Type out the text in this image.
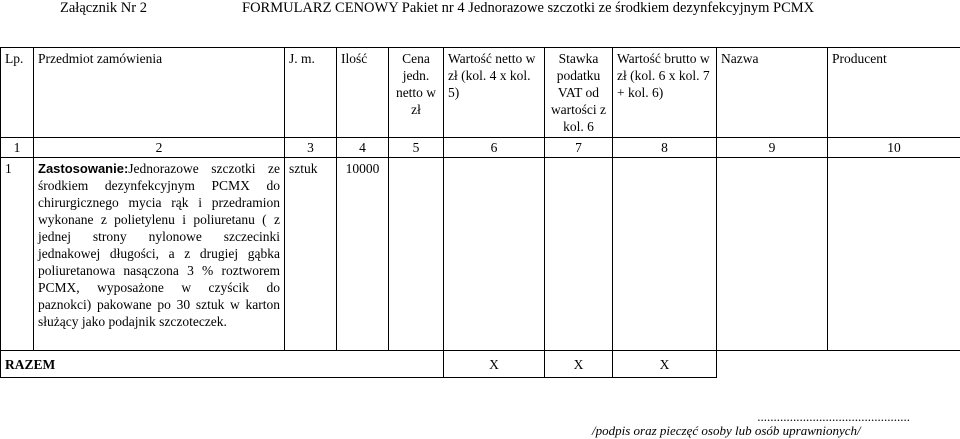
Załącznik Nr 2	FORMULARZ CENOWY Pakiet nr 4 Jednorazowe szczotki ze środkiem dezynfekcyjnym PCMX
Lp.	Przedmiot zamówienia	J. m.	Ilość	Cena jedn. netto w zł	Wartość netto w zł (kol. 4 x kol. 5)	Stawka podatku VAT od wartości z kol. 6	Wartość brutto w zł (kol. 6 x kol. 7 + kol. 6)	Nazwa	Producent
1	2	3	4	5	6	7	8	9	10
1	Zastosowanie:Jednorazowe szczotki ze środkiem dezynfekcyjnym PCMX do chirurgicznego mycia rąk i przedramion wykonane z polietylenu i poliuretanu ( z jednej strony nylonowe szczecinki jednakowej długości, a z drugiej gąbka poliuretanowa nasączona 3 % roztworem PCMX, wyposażone w czyścik do paznokci) pakowane po 30 sztuk w karton służący jako podajnik szczoteczek.	sztuk	10000						
RAZEM					X	X	X		
...............................................
/podpis oraz pieczęć osoby lub osób uprawnionych/
